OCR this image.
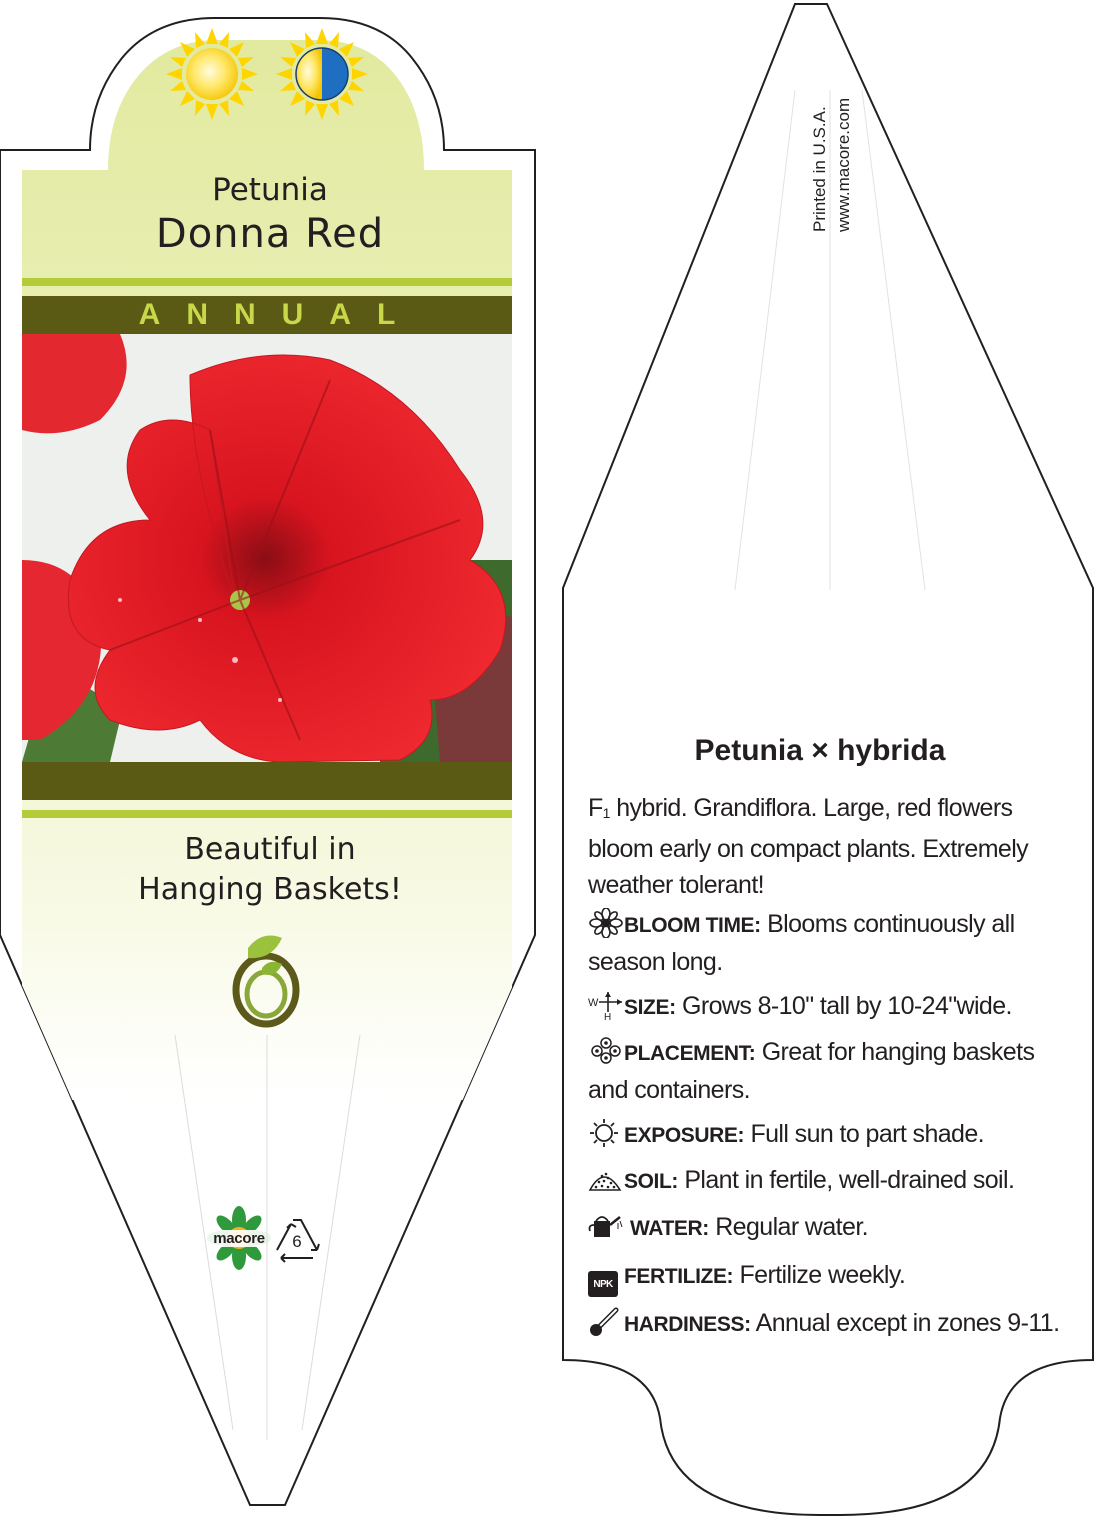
Petunia
Donna Red
ANNUAL
Beautiful in
Hanging Baskets!
macore	6
Printed in U.S.A. www.macore.com
Petunia × hybrida
F1 hybrid. Grandiflora. Large, red flowers bloom early on compact plants. Extremely weather tolerant!
BLOOM TIME: Blooms continuously all season long.
W
H SIZE: Grows 8-10" tall by 10-24"wide.
PLACEMENT: Great for hanging baskets and containers.
EXPOSURE: Full sun to part shade.
SOIL: Plant in fertile, well-drained soil.
WATER: Regular water.
NPK FERTILIZE: Fertilize weekly.
HARDINESS: Annual except in zones 9-11.
